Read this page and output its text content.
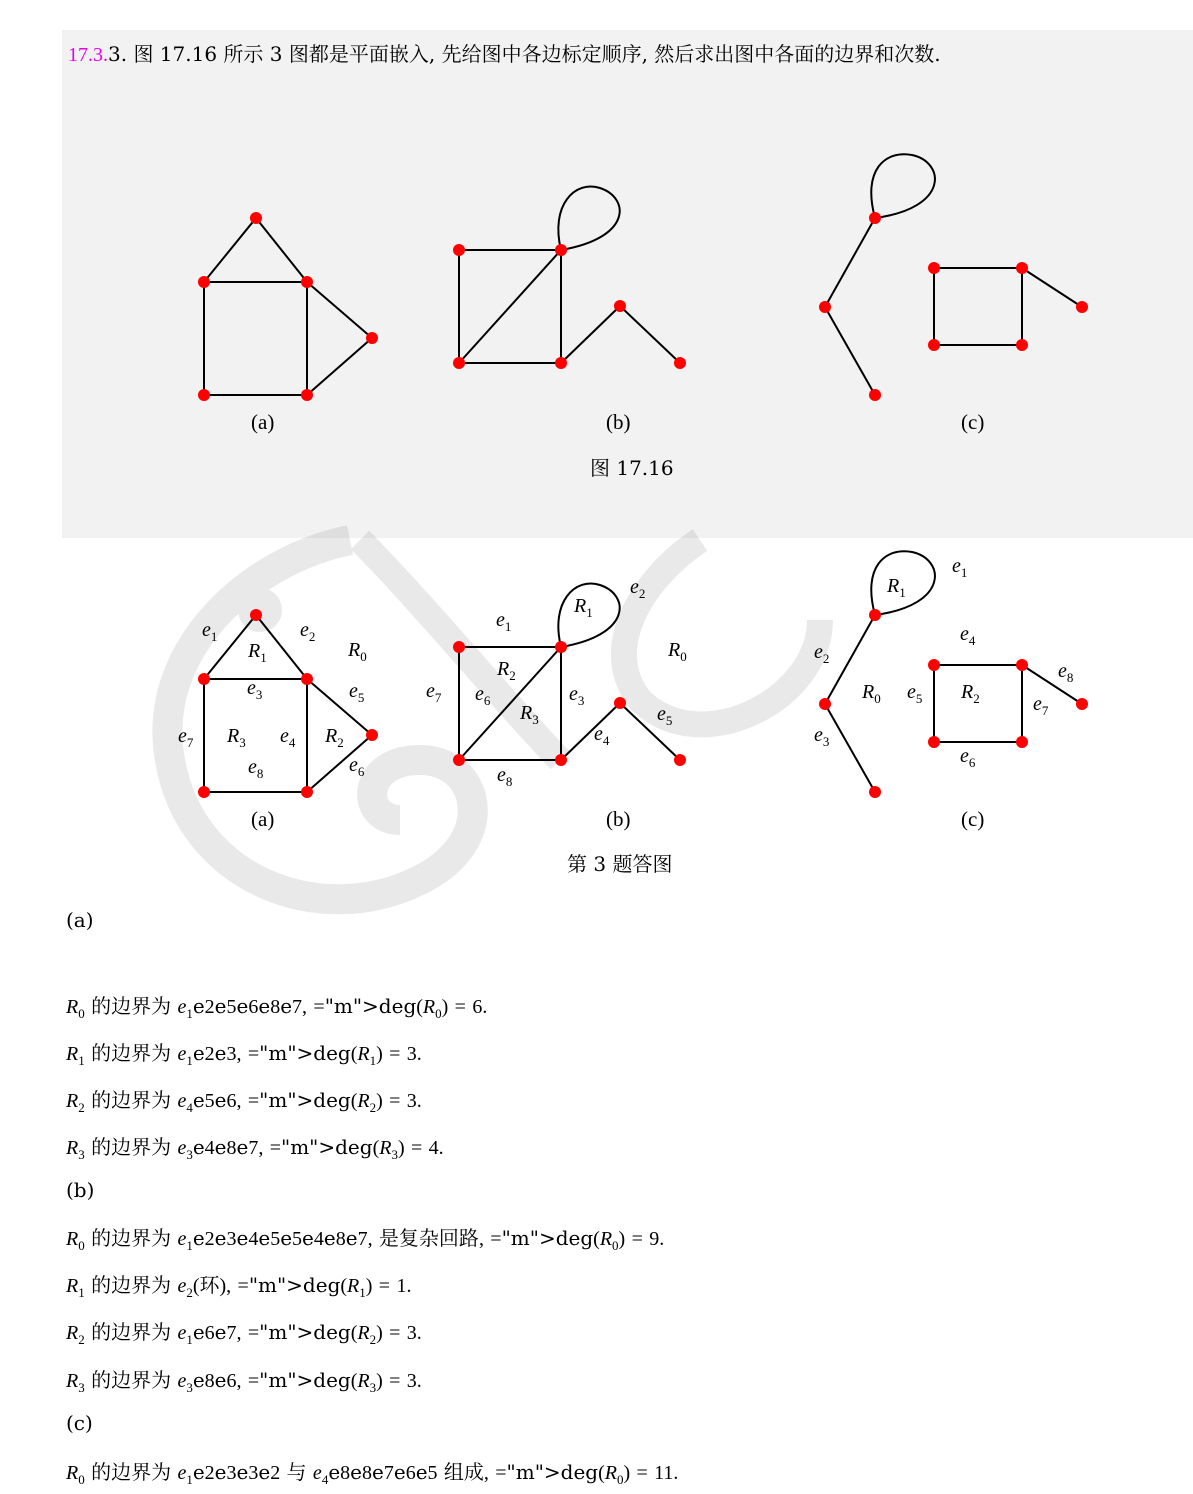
17.3.3. 图 17.16 所示 3 图都是平面嵌入, 先给图中各边标定顺序, 然后求出图中各面的边界和次数.
(a)	(b)	(c)
图 17.16
$e_1$	$e_2$
$R_1$	$R_0$
$e_3$	$e_5$
$e_7$ $R_3$ $e_4$ $R_2$
$e_8$	$e_6$
$R_1$
$e_2$
$e_1$
$R_0$
$R_2$
$e_7$ $e_6$	$e_3$
$R_3$	$e_5$
$e_4$
$e_8$
$e_1$
$R_1$
$e_4$
$e_2$
$e_8$
$R_0$ $e_5$ $R_2$	$e_7$
$e_3$
$e_6$
(a)	(b)	(c)
第 3 题答图
(a)
$R_0$ 的边界为 $e_1e2e5e6e8e7$, $="m">deg(R_0) = 6$.
$R_1$ 的边界为 $e_1e2e3$, $="m">deg(R_1) = 3$.
$R_2$ 的边界为 $e_4e5e6$, $="m">deg(R_2) = 3$.
$R_3$ 的边界为 $e_3e4e8e7$, $="m">deg(R_3) = 4$.
(b)
$R_0$ 的边界为 $e_1e2e3e4e5e5e4e8e7$, 是复杂回路, $="m">deg(R_0) = 9$.
$R_1$ 的边界为 $e_2$(环), $="m">deg(R_1) = 1$.
$R_2$ 的边界为 $e_1e6e7$, $="m">deg(R_2) = 3$.
$R_3$ 的边界为 $e_3e8e6$, $="m">deg(R_3) = 3$.
(c)
$R_0$ 的边界为 $e_1e2e3e3e2$ 与 $e_4e8e8e7e6e5$ 组成, $="m">deg(R_0) = 11$.
